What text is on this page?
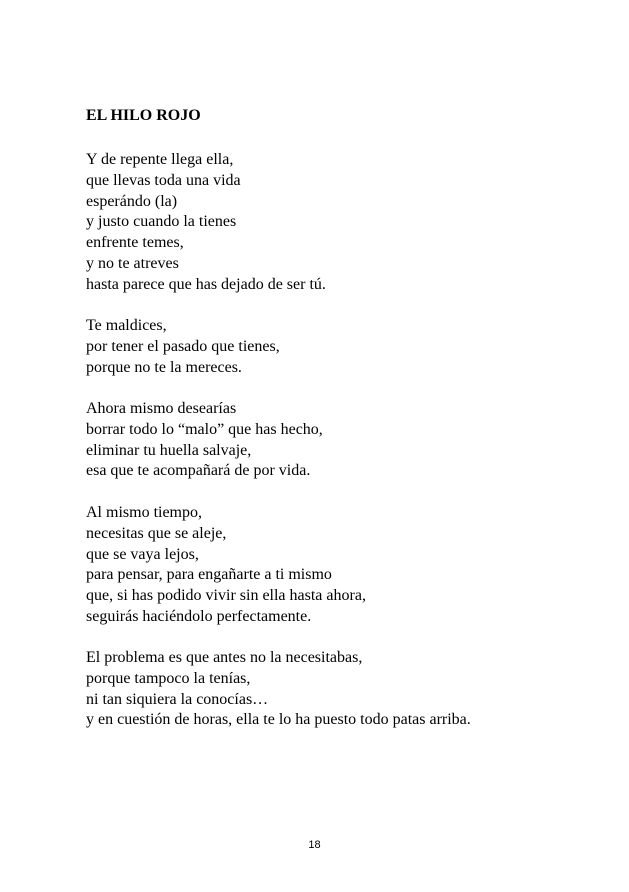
EL HILO ROJO
Y de repente llega ella,
que llevas toda una vida
esperándo (la)
y justo cuando la tienes
enfrente temes,
y no te atreves
hasta parece que has dejado de ser tú.
Te maldices,
por tener el pasado que tienes,
porque no te la mereces.
Ahora mismo desearías
borrar todo lo “malo” que has hecho,
eliminar tu huella salvaje,
esa que te acompañará de por vida.
Al mismo tiempo,
necesitas que se aleje,
que se vaya lejos,
para pensar, para engañarte a ti mismo
que, si has podido vivir sin ella hasta ahora,
seguirás haciéndolo perfectamente.
El problema es que antes no la necesitabas,
porque tampoco la tenías,
ni tan siquiera la conocías…
y en cuestión de horas, ella te lo ha puesto todo patas arriba.
18
